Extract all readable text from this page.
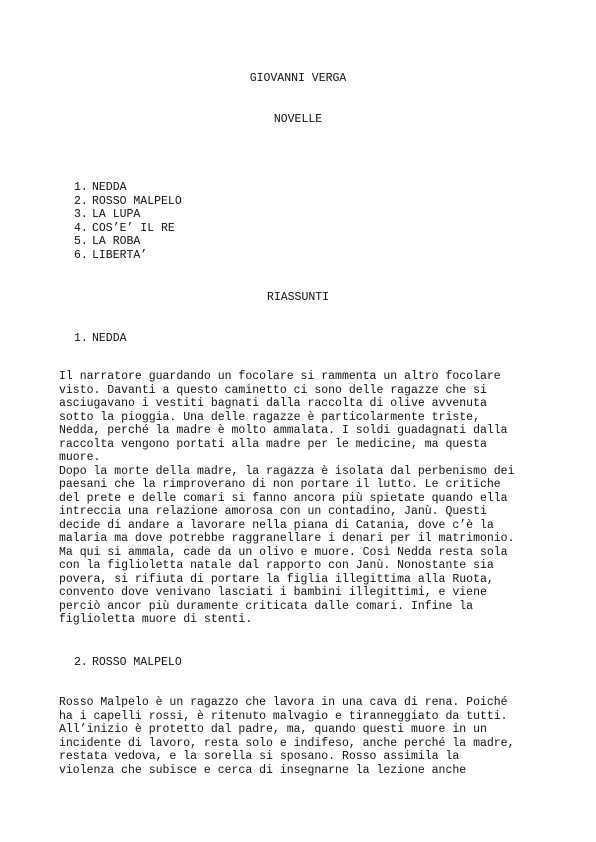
GIOVANNI VERGA
NOVELLE
1. NEDDA
2. ROSSO MALPELO
3. LA LUPA
4. COS’E’ IL RE
5. LA ROBA
6. LIBERTA’
RIASSUNTI
1. NEDDA
Il narratore guardando un focolare si rammenta un altro focolare
visto. Davanti a questo caminetto ci sono delle ragazze che si
asciugavano i vestiti bagnati dalla raccolta di olive avvenuta
sotto la pioggia. Una delle ragazze è particolarmente triste,
Nedda, perché la madre è molto ammalata. I soldi guadagnati dalla
raccolta vengono portati alla madre per le medicine, ma questa
muore.
Dopo la morte della madre, la ragazza è isolata dal perbenismo dei
paesani che la rimproverano di non portare il lutto. Le critiche
del prete e delle comari si fanno ancora più spietate quando ella
intreccia una relazione amorosa con un contadino, Janù. Questi
decide di andare a lavorare nella piana di Catania, dove c’è la
malaria ma dove potrebbe raggranellare i denari per il matrimonio.
Ma qui si ammala, cade da un olivo e muore. Così Nedda resta sola
con la figlioletta natale dal rapporto con Janù. Nonostante sia
povera, si rifiuta di portare la figlia illegittima alla Ruota,
convento dove venivano lasciati i bambini illegittimi, e viene
perciò ancor più duramente criticata dalle comari. Infine la
figlioletta muore di stenti.
2. ROSSO MALPELO
Rosso Malpelo è un ragazzo che lavora in una cava di rena. Poiché
ha i capelli rossi, è ritenuto malvagio e tiranneggiato da tutti.
All’inizio è protetto dal padre, ma, quando questi muore in un
incidente di lavoro, resta solo e indifeso, anche perché la madre,
restata vedova, e la sorella si sposano. Rosso assimila la
violenza che subisce e cerca di insegnarne la lezione anche
